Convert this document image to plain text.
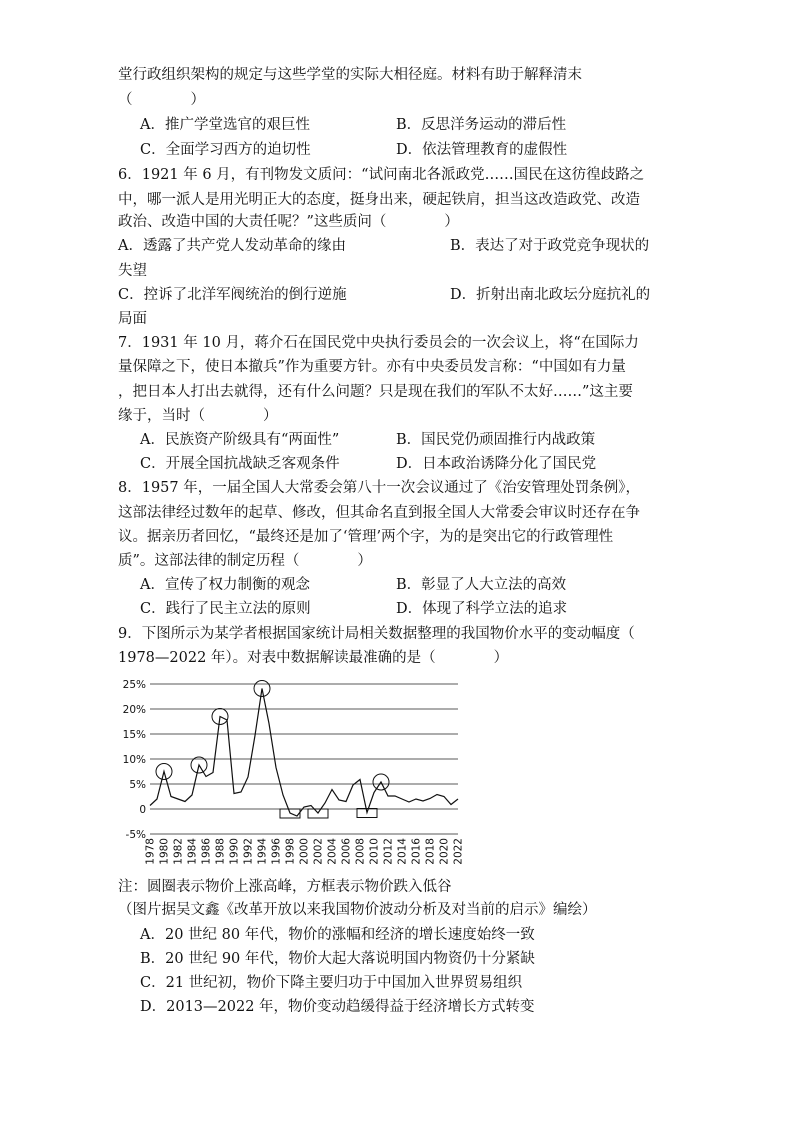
堂行政组织架构的规定与这些学堂的实际大相径庭。材料有助于解释清末
（　　　　）
A．推广学堂选官的艰巨性	B．反思洋务运动的滞后性
C．全面学习西方的迫切性	D．依法管理教育的虚假性
6．1921 年 6 月，有刊物发文质问：“试问南北各派政党……国民在这彷徨歧路之
中，哪一派人是用光明正大的态度，挺身出来，硬起铁肩，担当这改造政党、改造
政治、改造中国的大责任呢？”这些质问（　　　　）
A．透露了共产党人发动革命的缘由	B．表达了对于政党竞争现状的
失望
C．控诉了北洋军阀统治的倒行逆施	D．折射出南北政坛分庭抗礼的
局面
7．1931 年 10 月，蒋介石在国民党中央执行委员会的一次会议上，将“在国际力
量保障之下，使日本撤兵”作为重要方针。亦有中央委员发言称：“中国如有力量
，把日本人打出去就得，还有什么问题？只是现在我们的军队不太好……”这主要
缘于，当时（　　　　）
A．民族资产阶级具有“两面性”	B．国民党仍顽固推行内战政策
C．开展全国抗战缺乏客观条件	D．日本政治诱降分化了国民党
8．1957 年，一届全国人大常委会第八十一次会议通过了《治安管理处罚条例》，
这部法律经过数年的起草、修改，但其命名直到报全国人大常委会审议时还存在争
议。据亲历者回忆，“最终还是加了‘管理’两个字，为的是突出它的行政管理性
质”。这部法律的制定历程（　　　　）
A．宣传了权力制衡的观念	B．彰显了人大立法的高效
C．践行了民主立法的原则	D．体现了科学立法的追求
9．下图所示为某学者根据国家统计局相关数据整理的我国物价水平的变动幅度（
1978—2022 年）。对表中数据解读最准确的是（　　　　）
25%
20%
15%
10%
5%
0
-5%
1978 1980 1982 1984 1986 1988 1990 1992 1994 1996 1998 2000 2002 2004 2006 2008 2010 2012 2014 2016 2018 2020 2022
注：圆圈表示物价上涨高峰，方框表示物价跌入低谷
（图片据吴文鑫《改革开放以来我国物价波动分析及对当前的启示》编绘）
A．20 世纪 80 年代，物价的涨幅和经济的增长速度始终一致
B．20 世纪 90 年代，物价大起大落说明国内物资仍十分紧缺
C．21 世纪初，物价下降主要归功于中国加入世界贸易组织
D．2013—2022 年，物价变动趋缓得益于经济增长方式转变
